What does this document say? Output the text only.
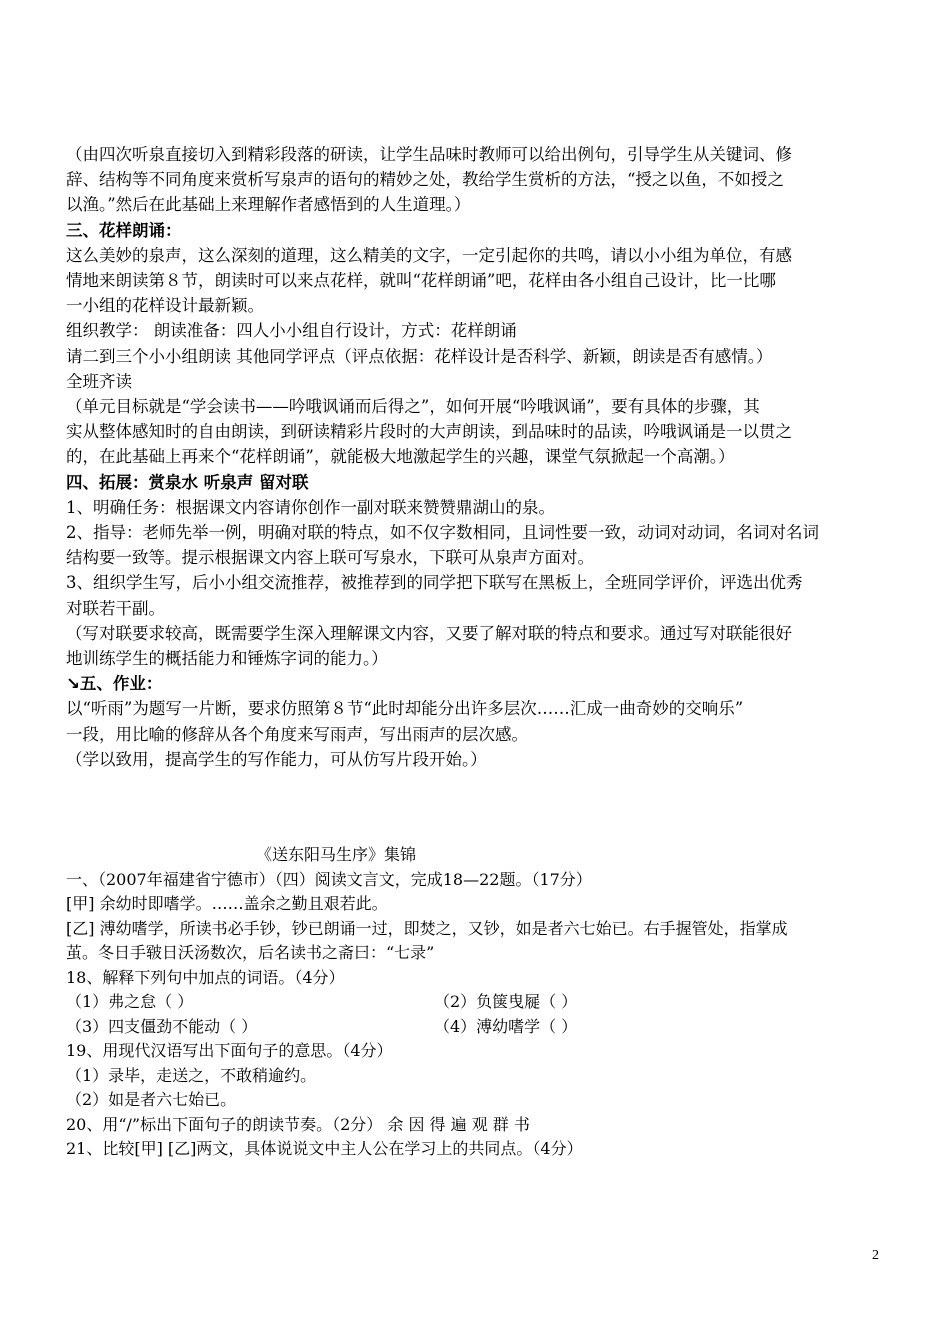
（由四次听泉直接切入到精彩段落的研读，让学生品味时教师可以给出例句，引导学生从关键词、修

辞、结构等不同角度来赏析写泉声的语句的精妙之处，教给学生赏析的方法，“授之以鱼，不如授之

以渔。”然后在此基础上来理解作者感悟到的人生道理。）

三、花样朗诵：

这么美妙的泉声，这么深刻的道理，这么精美的文字，一定引起你的共鸣，请以小小组为单位，有感

情地来朗读第８节，朗读时可以来点花样，就叫“花样朗诵”吧，花样由各小组自己设计，比一比哪

一小组的花样设计最新颖。

组织教学： 朗读准备：四人小小组自行设计，方式：花样朗诵

请二到三个小小组朗读 其他同学评点（评点依据：花样设计是否科学、新颖，朗读是否有感情。）

全班齐读

（单元目标就是“学会读书——吟哦讽诵而后得之”，如何开展“吟哦讽诵”，要有具体的步骤，其

实从整体感知时的自由朗读，到研读精彩片段时的大声朗读，到品味时的品读，吟哦讽诵是一以贯之

的，在此基础上再来个“花样朗诵”，就能极大地激起学生的兴趣，课堂气氛掀起一个高潮。）

四、拓展：赏泉水 听泉声 留对联

1、明确任务：根据课文内容请你创作一副对联来赞赞鼎湖山的泉。

2、指导：老师先举一例，明确对联的特点，如不仅字数相同，且词性要一致，动词对动词，名词对名词

结构要一致等。提示根据课文内容上联可写泉水，下联可从泉声方面对。

3、组织学生写，后小小组交流推荐，被推荐到的同学把下联写在黑板上，全班同学评价，评选出优秀

对联若干副。

（写对联要求较高，既需要学生深入理解课文内容，又要了解对联的特点和要求。通过写对联能很好

地训练学生的概括能力和锤炼字词的能力。）

↘五、作业：

以“听雨”为题写一片断，要求仿照第８节“此时却能分出许多层次……汇成一曲奇妙的交响乐”

一段，用比喻的修辞从各个角度来写雨声，写出雨声的层次感。

（学以致用，提高学生的写作能力，可从仿写片段开始。）

《送东阳马生序》集锦

一、（2007年福建省宁德市）（四）阅读文言文，完成18—22题。（17分）

[甲] 余幼时即嗜学。……盖余之勤且艰若此。

[乙] 溥幼嗜学，所读书必手钞，钞已朗诵一过，即焚之，又钞，如是者六七始已。右手握管处，指掌成

茧。冬日手皲日沃汤数次，后名读书之斋曰：“七录”

18、解释下列句中加点的词语。（4分）

（1）弗之怠（ ）	（2）负箧曳屣（ ）
（3）四支僵劲不能动（ ）	（4）溥幼嗜学（ ）

19、用现代汉语写出下面句子的意思。（4分）

（1）录毕，走送之，不敢稍逾约。

（2）如是者六七始已。

20、用“/”标出下面句子的朗读节奏。（2分） 余 因 得 遍 观 群 书

21、比较[甲] [乙]两文，具体说说文中主人公在学习上的共同点。（4分）

2
